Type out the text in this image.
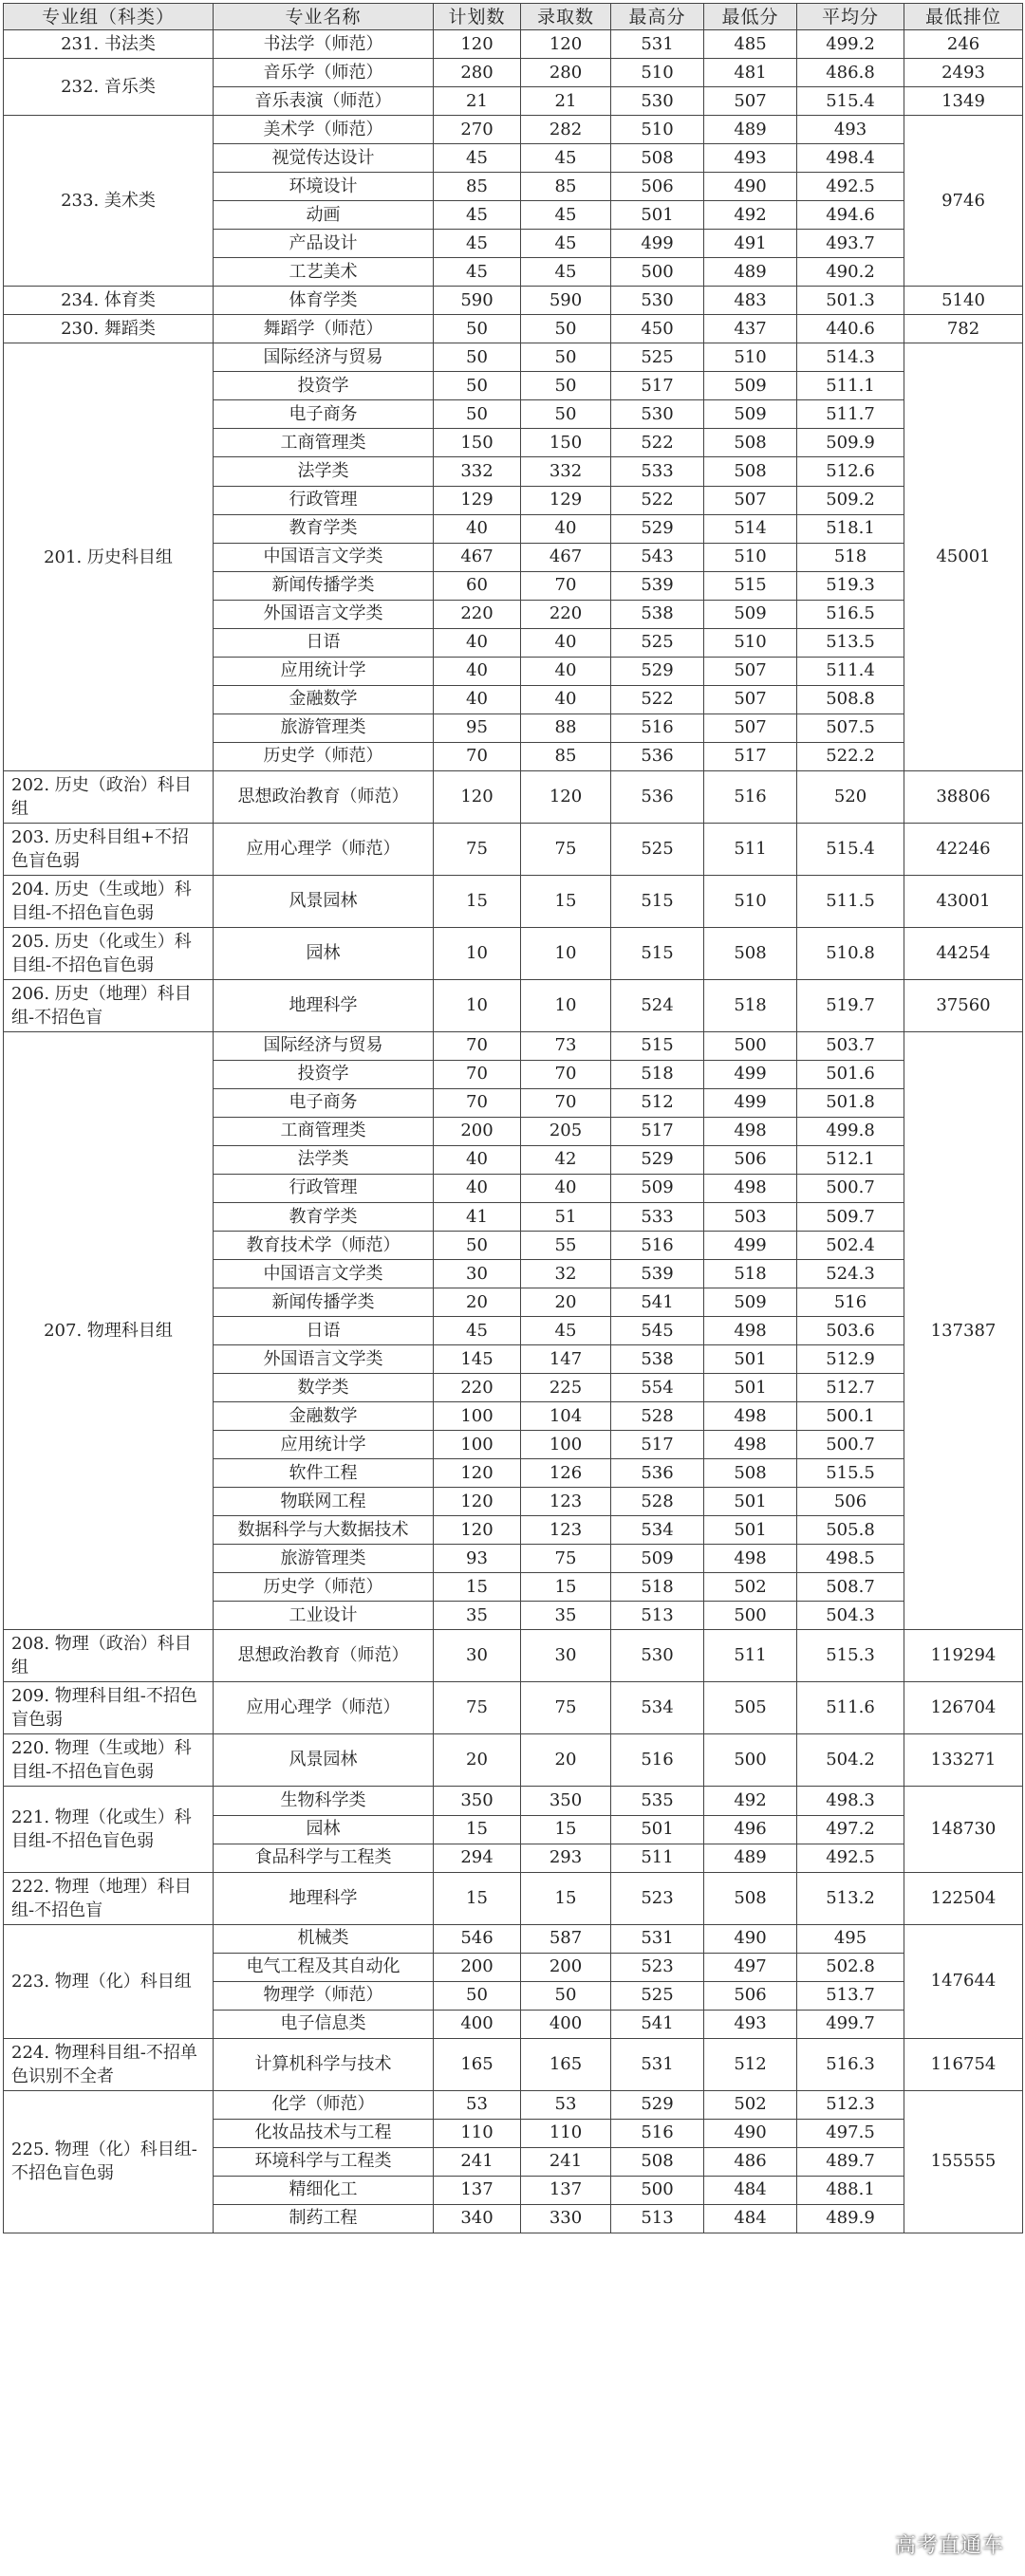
专业组（科类）	专业名称	计划数	录取数	最高分	最低分	平均分	最低排位
231. 书法类	书法学（师范）	120	120	531	485	499.2	246
232. 音乐类	音乐学（师范）	280	280	510	481	486.8	2493
	音乐表演（师范）	21	21	530	507	515.4	1349
233. 美术类	美术学（师范）	270	282	510	489	493	9746
	视觉传达设计	45	45	508	493	498.4	
	环境设计	85	85	506	490	492.5	
	动画	45	45	501	492	494.6	
	产品设计	45	45	499	491	493.7	
	工艺美术	45	45	500	489	490.2	
234. 体育类	体育学类	590	590	530	483	501.3	5140
230. 舞蹈类	舞蹈学（师范）	50	50	450	437	440.6	782
201. 历史科目组	国际经济与贸易	50	50	525	510	514.3	45001
	投资学	50	50	517	509	511.1	
	电子商务	50	50	530	509	511.7	
	工商管理类	150	150	522	508	509.9	
	法学类	332	332	533	508	512.6	
	行政管理	129	129	522	507	509.2	
	教育学类	40	40	529	514	518.1	
	中国语言文学类	467	467	543	510	518	
	新闻传播学类	60	70	539	515	519.3	
	外国语言文学类	220	220	538	509	516.5	
	日语	40	40	525	510	513.5	
	应用统计学	40	40	529	507	511.4	
	金融数学	40	40	522	507	508.8	
	旅游管理类	95	88	516	507	507.5	
	历史学（师范）	70	85	536	517	522.2	
202. 历史（政治）科目组	思想政治教育（师范）	120	120	536	516	520	38806
203. 历史科目组+不招色盲色弱	应用心理学（师范）	75	75	525	511	515.4	42246
204. 历史（生或地）科目组-不招色盲色弱	风景园林	15	15	515	510	511.5	43001
205. 历史（化或生）科目组-不招色盲色弱	园林	10	10	515	508	510.8	44254
206. 历史（地理）科目组-不招色盲	地理科学	10	10	524	518	519.7	37560
207. 物理科目组	国际经济与贸易	70	73	515	500	503.7	137387
	投资学	70	70	518	499	501.6	
	电子商务	70	70	512	499	501.8	
	工商管理类	200	205	517	498	499.8	
	法学类	40	42	529	506	512.1	
	行政管理	40	40	509	498	500.7	
	教育学类	41	51	533	503	509.7	
	教育技术学（师范）	50	55	516	499	502.4	
	中国语言文学类	30	32	539	518	524.3	
	新闻传播学类	20	20	541	509	516	
	日语	45	45	545	498	503.6	
	外国语言文学类	145	147	538	501	512.9	
	数学类	220	225	554	501	512.7	
	金融数学	100	104	528	498	500.1	
	应用统计学	100	100	517	498	500.7	
	软件工程	120	126	536	508	515.5	
	物联网工程	120	123	528	501	506	
	数据科学与大数据技术	120	123	534	501	505.8	
	旅游管理类	93	75	509	498	498.5	
	历史学（师范）	15	15	518	502	508.7	
	工业设计	35	35	513	500	504.3	
208. 物理（政治）科目组	思想政治教育（师范）	30	30	530	511	515.3	119294
209. 物理科目组-不招色盲色弱	应用心理学（师范）	75	75	534	505	511.6	126704
220. 物理（生或地）科目组-不招色盲色弱	风景园林	20	20	516	500	504.2	133271
221. 物理（化或生）科目组-不招色盲色弱	生物科学类	350	350	535	492	498.3	148730
	园林	15	15	501	496	497.2	
	食品科学与工程类	294	293	511	489	492.5	
222. 物理（地理）科目组-不招色盲	地理科学	15	15	523	508	513.2	122504
223. 物理（化）科目组	机械类	546	587	531	490	495	147644
	电气工程及其自动化	200	200	523	497	502.8	
	物理学（师范）	50	50	525	506	513.7	
	电子信息类	400	400	541	493	499.7	
224. 物理科目组-不招单色识别不全者	计算机科学与技术	165	165	531	512	516.3	116754
225. 物理（化）科目组-不招色盲色弱	化学（师范）	53	53	529	502	512.3	155555
	化妆品技术与工程	110	110	516	490	497.5	
	环境科学与工程类	241	241	508	486	489.7	
	精细化工	137	137	500	484	488.1	
	制药工程	340	330	513	484	489.9	
高考直通车
